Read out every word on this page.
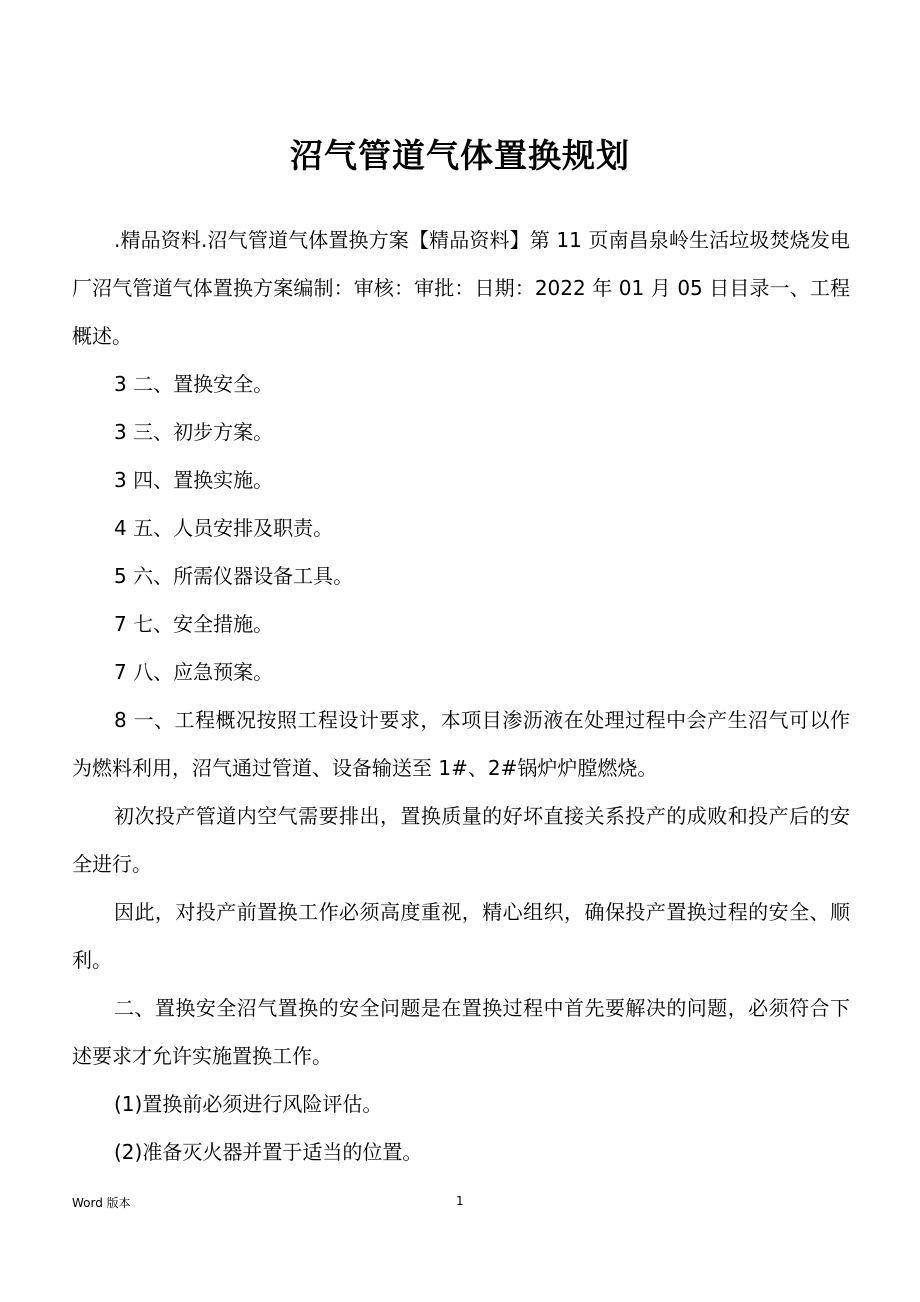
沼气管道气体置换规划

.精品资料.沼气管道气体置换方案【精品资料】第 11 页南昌泉岭生活垃圾焚烧发电厂沼气管道气体置换方案编制：审核：审批：日期：2022 年 01 月 05 日目录一、工程概述。

3 二、置换安全。

3 三、初步方案。

3 四、置换实施。

4 五、人员安排及职责。

5 六、所需仪器设备工具。

7 七、安全措施。

7 八、应急预案。

8 一、工程概况按照工程设计要求，本项目渗沥液在处理过程中会产生沼气可以作为燃料利用，沼气通过管道、设备输送至 1#、2#锅炉炉膛燃烧。

初次投产管道内空气需要排出，置换质量的好坏直接关系投产的成败和投产后的安全进行。

因此，对投产前置换工作必须高度重视，精心组织，确保投产置换过程的安全、顺利。

二、置换安全沼气置换的安全问题是在置换过程中首先要解决的问题，必须符合下述要求才允许实施置换工作。

(1)置换前必须进行风险评估。

(2)准备灭火器并置于适当的位置。

Word 版本	1
